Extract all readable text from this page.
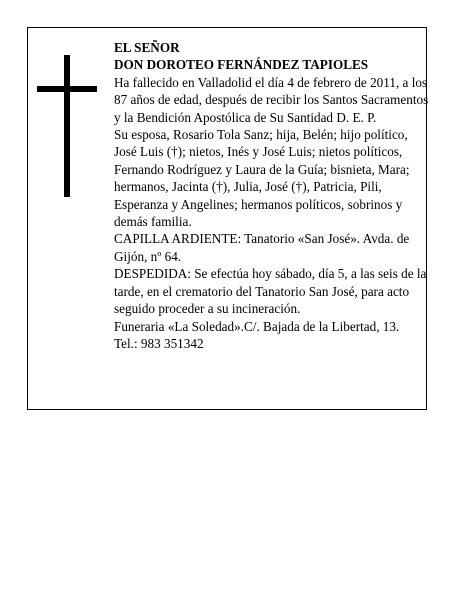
EL SEÑOR

DON DOROTEO FERNÁNDEZ TAPIOLES

Ha fallecido en Valladolid el día 4 de febrero de 2011, a los 87 años de edad, después de recibir los Santos Sacramentos y la Bendición Apostólica de Su Santidad D. E. P.

Su esposa, Rosario Tola Sanz; hija, Belén; hijo político, José Luis (†); nietos, Inés y José Luis; nietos políticos, Fernando Rodríguez y Laura de la Guía; bisnieta, Mara; hermanos, Jacinta (†), Julia, José (†), Patricia, Pili, Esperanza y Angelines; hermanos políticos, sobrinos y demás familia.

CAPILLA ARDIENTE: Tanatorio «San José». Avda. de Gijón, nº 64.

DESPEDIDA: Se efectúa hoy sábado, día 5, a las seis de la tarde, en el crematorio del Tanatorio San José, para acto seguido proceder a su incineración.

Funeraria «La Soledad».C/. Bajada de la Libertad, 13.

Tel.: 983 351342
